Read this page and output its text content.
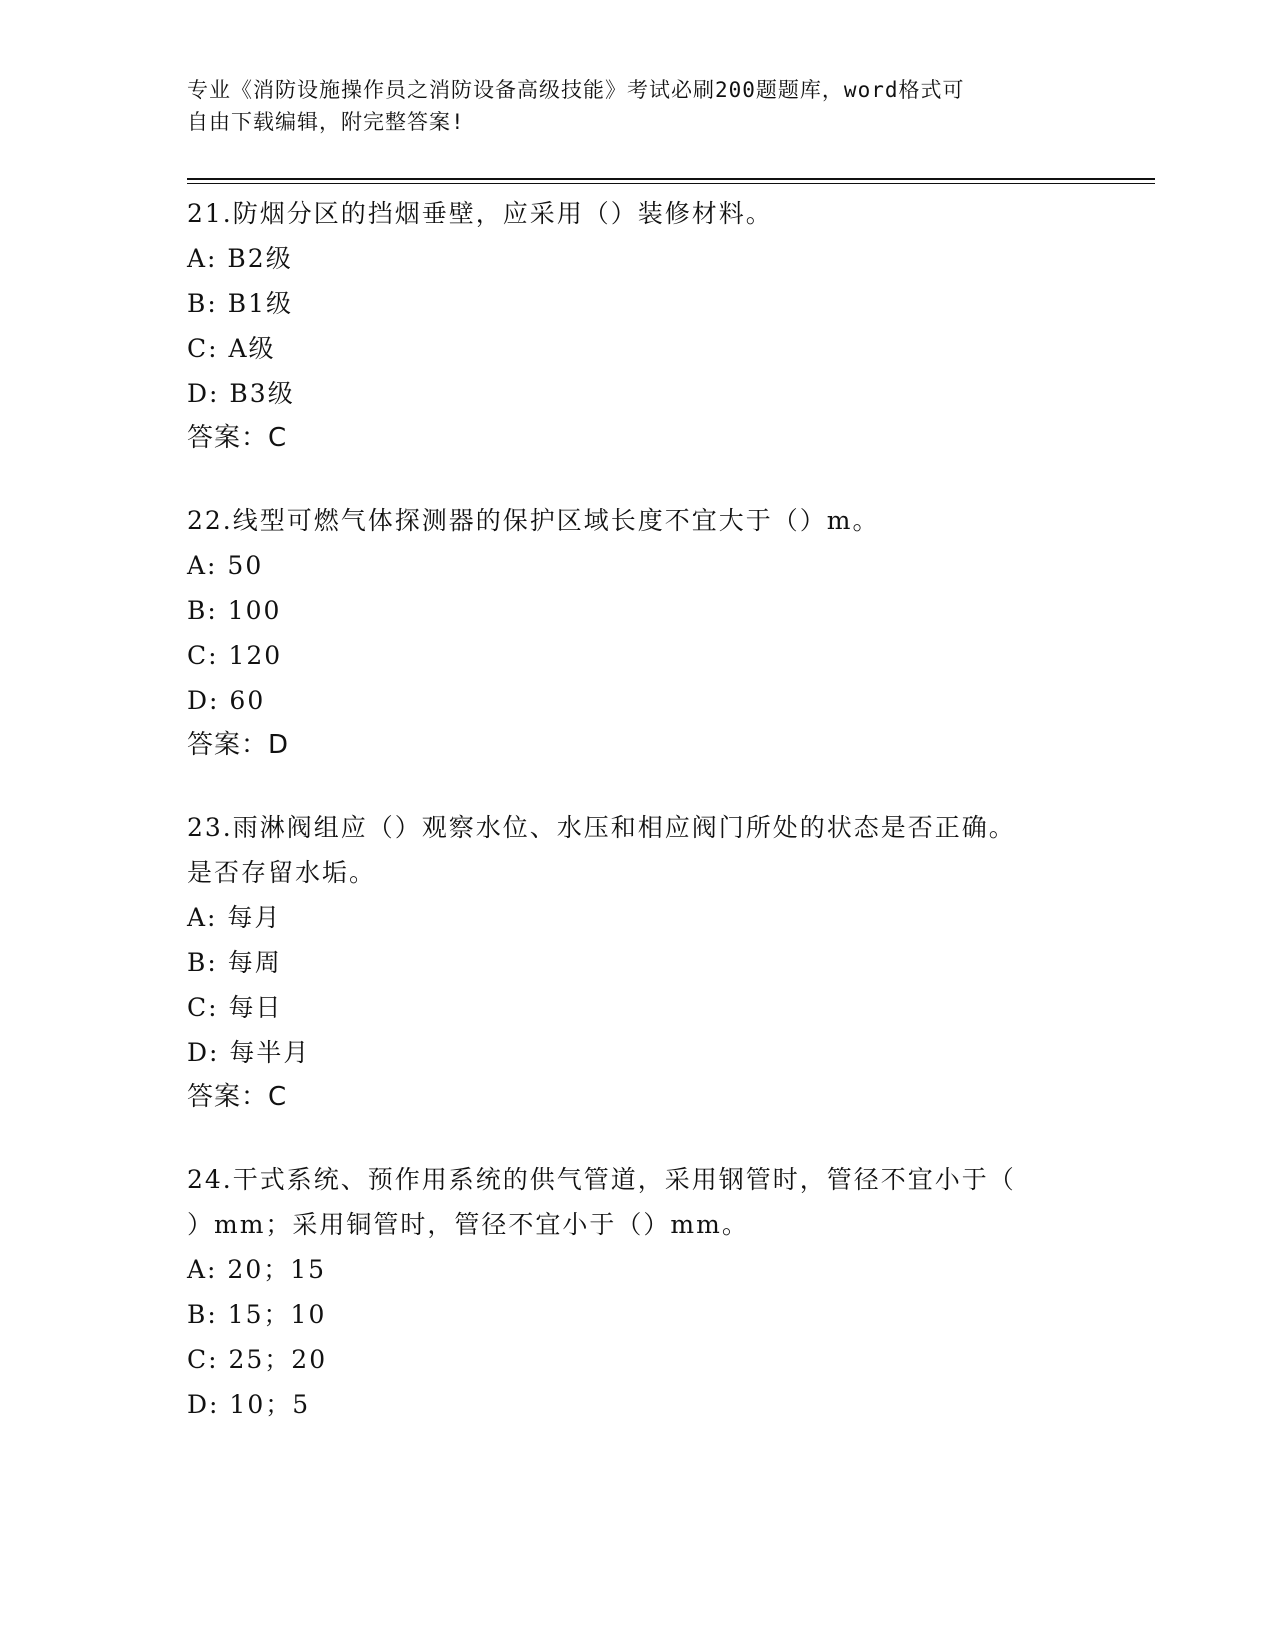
专业《消防设施操作员之消防设备高级技能》考试必刷200题题库，word格式可
自由下载编辑，附完整答案!

21.防烟分区的挡烟垂壁，应采用（）装修材料。

A: B2级

B: B1级

C: A级

D: B3级

答案：C

22.线型可燃气体探测器的保护区域长度不宜大于（）m。

A: 50

B: 100

C: 120

D: 60

答案：D

23.雨淋阀组应（）观察水位、水压和相应阀门所处的状态是否正确。

是否存留水垢。

A: 每月

B: 每周

C: 每日

D: 每半月

答案：C

24.干式系统、预作用系统的供气管道，采用钢管时，管径不宜小于（

）mm；采用铜管时，管径不宜小于（）mm。

A: 20；15

B: 15；10

C: 25；20

D: 10；5
